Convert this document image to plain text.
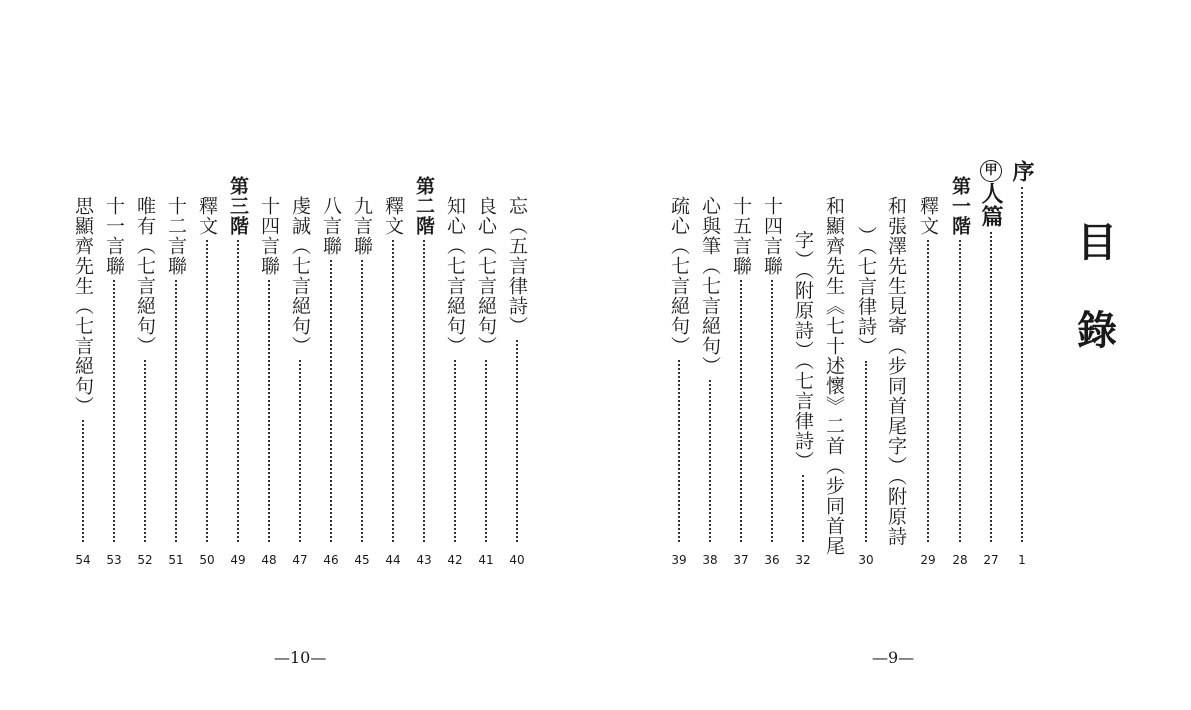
目
錄
序
1
甲
人篇
27
第一階
28
釋文
29
和張澤先生見寄（步同首尾字）（附原詩
）（七言律詩）
30
和顯齊先生《七十述懷》二首（步同首尾
字）（附原詩）（七言律詩）
32
十四言聯
36
十五言聯
37
心與筆（七言絕句）
38
疏心（七言絕句）
39
—9—
忘（五言律詩）
40
良心（七言絕句）
41
知心（七言絕句）
42
第二階
43
釋文
44
九言聯
45
八言聯
46
虔誠（七言絕句）
47
十四言聯
48
第三階
49
釋文
50
十二言聯
51
唯有（七言絕句）
52
十一言聯
53
思顯齊先生（七言絕句）
54
—10—
